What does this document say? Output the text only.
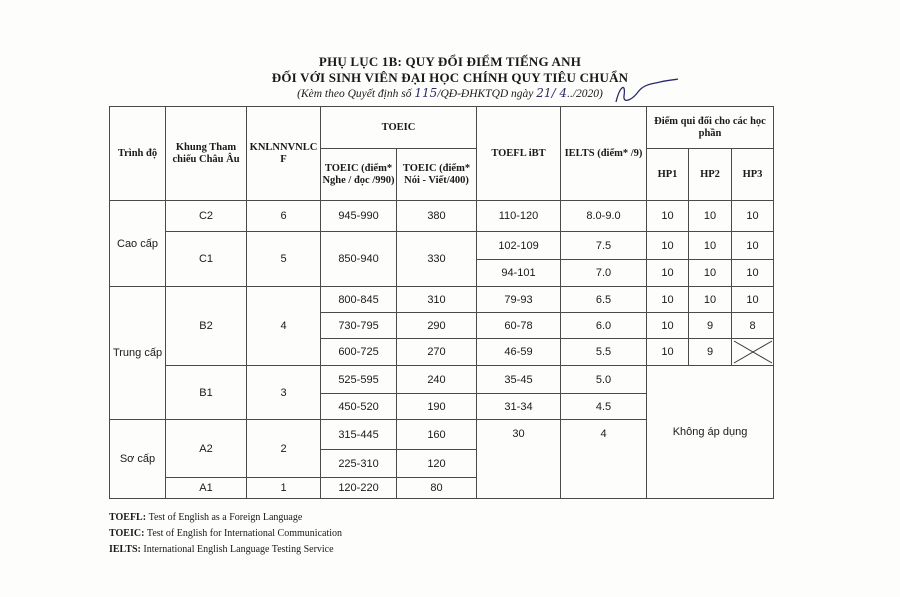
PHỤ LỤC 1B: QUY ĐỔI ĐIỂM TIẾNG ANH
ĐỐI VỚI SINH VIÊN ĐẠI HỌC CHÍNH QUY TIÊU CHUẨN
(Kèm theo Quyết định số 115/QĐ-ĐHKTQD ngày 21/ 4../2020)
Trình độ	Khung Tham chiếu Châu Âu	KNLNNVNLC F	TOEIC		TOEFL iBT	IELTS (điểm* /9)	Điểm qui đổi cho các học phần		
			TOEIC (điểm* Nghe / đọc /990)	TOEIC (điểm* Nói - Viết/400)			HP1	HP2	HP3
Cao cấp	C2	6	945-990	380	110-120	8.0-9.0	10	10	10
	C1	5	850-940	330	102-109	7.5	10	10	10
					94-101	7.0	10	10	10
Trung cấp	B2	4	800-845	310	79-93	6.5	10	10	10
			730-795	290	60-78	6.0	10	9	8
			600-725	270	46-59	5.5	10	9	

	B1	3	525-595	240	35-45	5.0	Không áp dụng		
			450-520	190	31-34	4.5			
Sơ cấp	A2	2	315-445	160	30	4			
			225-310	120					
	A1	1	120-220	80					
TOEFL: Test of English as a Foreign Language
TOEIC: Test of English for International Communication
IELTS: International English Language Testing Service
